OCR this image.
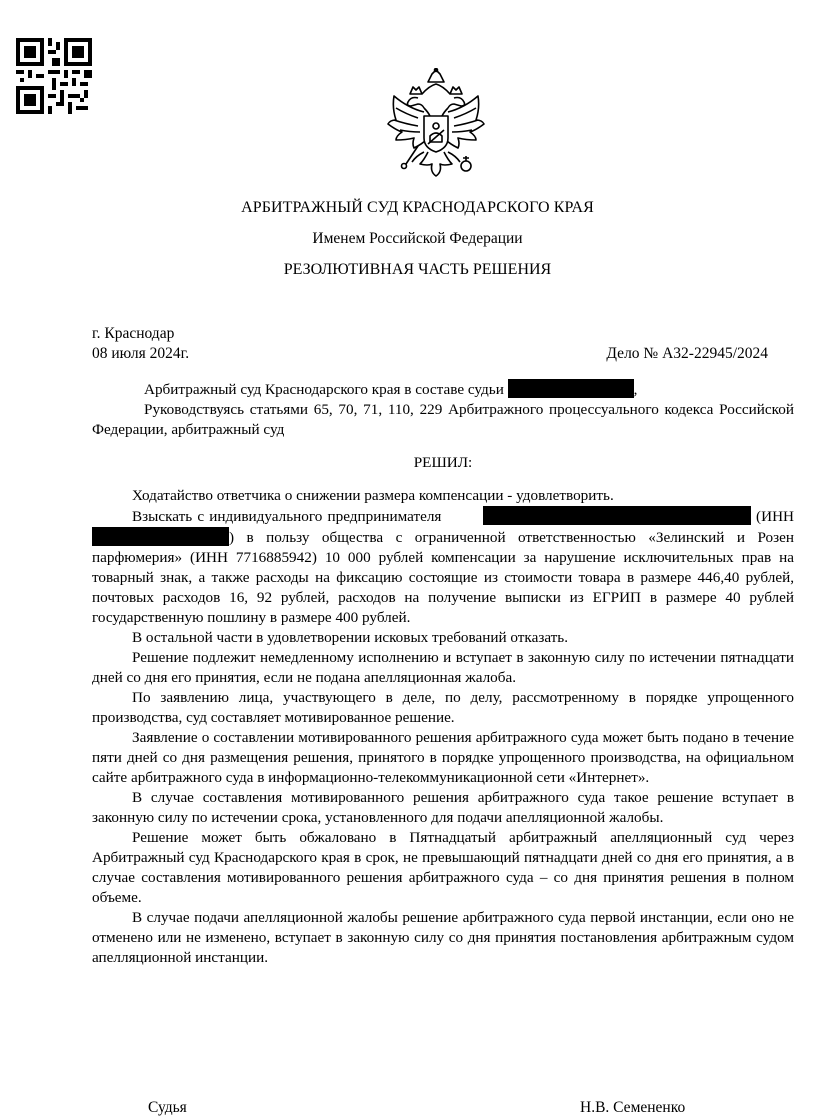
АРБИТРАЖНЫЙ СУД КРАСНОДАРСКОГО КРАЯ
Именем Российской Федерации
РЕЗОЛЮТИВНАЯ ЧАСТЬ РЕШЕНИЯ
г. Краснодар
08 июля 2024г.	Дело № А32-22945/2024

Арбитражный суд Краснодарского края в составе судьи	,

Руководствуясь статьями 65, 70, 71, 110, 229 Арбитражного процессуального кодекса Российской Федерации, арбитражный суд

РЕШИЛ:

Ходатайство ответчика о снижении размера компенсации - удовлетворить.

Взыскать с индивидуального предпринимателя	(ИНН ) в пользу общества с ограниченной ответственностью «Зелинский и Розен парфюмерия» (ИНН 7716885942) 10 000 рублей компенсации за нарушение исключительных прав на товарный знак, а также расходы на фиксацию состоящие из стоимости товара в размере 446,40 рублей, почтовых расходов 16, 92 рублей, расходов на получение выписки из ЕГРИП в размере 40 рублей государственную пошлину в размере 400 рублей.

В остальной части в удовлетворении исковых требований отказать.

Решение подлежит немедленному исполнению и вступает в законную силу по истечении пятнадцати дней со дня его принятия, если не подана апелляционная жалоба.

По заявлению лица, участвующего в деле, по делу, рассмотренному в порядке упрощенного производства, суд составляет мотивированное решение.

Заявление о составлении мотивированного решения арбитражного суда может быть подано в течение пяти дней со дня размещения решения, принятого в порядке упрощенного производства, на официальном сайте арбитражного суда в информационно-телекоммуникационной сети «Интернет».

В случае составления мотивированного решения арбитражного суда такое решение вступает в законную силу по истечении срока, установленного для подачи апелляционной жалобы.

Решение может быть обжаловано в Пятнадцатый арбитражный апелляционный суд через Арбитражный суд Краснодарского края в срок, не превышающий пятнадцати дней со дня его принятия, а в случае составления мотивированного решения арбитражного суда – со дня принятия решения в полном объеме.

В случае подачи апелляционной жалобы решение арбитражного суда первой инстанции, если оно не отменено или не изменено, вступает в законную силу со дня принятия постановления арбитражным судом апелляционной инстанции.

Судья	Н.В. Семененко
